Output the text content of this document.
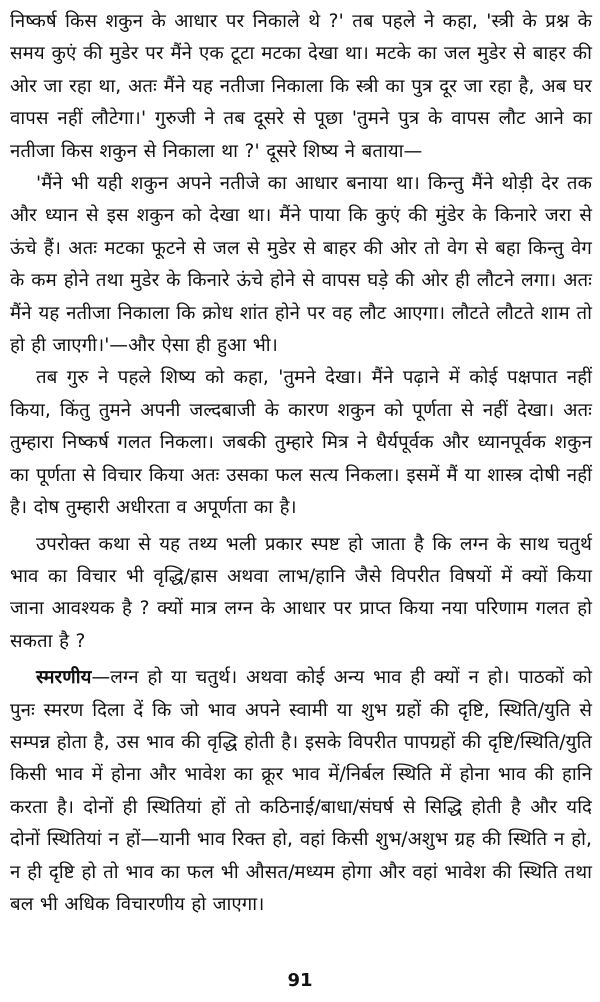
निष्कर्ष किस शकुन के आधार पर निकाले थे ?' तब पहले ने कहा, 'स्त्री के प्रश्न के समय कुएं की मुडेर पर मैंने एक टूटा मटका देखा था। मटके का जल मुडेर से बाहर की ओर जा रहा था, अतः मैंने यह नतीजा निकाला कि स्त्री का पुत्र दूर जा रहा है, अब घर वापस नहीं लौटेगा।' गुरुजी ने तब दूसरे से पूछा 'तुमने पुत्र के वापस लौट आने का नतीजा किस शकुन से निकाला था ?' दूसरे शिष्य ने बताया—

'मैंने भी यही शकुन अपने नतीजे का आधार बनाया था। किन्तु मैंने थोड़ी देर तक और ध्यान से इस शकुन को देखा था। मैंने पाया कि कुएं की मुंडेर के किनारे जरा से ऊंचे हैं। अतः मटका फूटने से जल से मुडेर से बाहर की ओर तो वेग से बहा किन्तु वेग के कम होने तथा मुडेर के किनारे ऊंचे होने से वापस घड़े की ओर ही लौटने लगा। अतः मैंने यह नतीजा निकाला कि क्रोध शांत होने पर वह लौट आएगा। लौटते लौटते शाम तो हो ही जाएगी।'—और ऐसा ही हुआ भी।

तब गुरु ने पहले शिष्य को कहा, 'तुमने देखा। मैंने पढ़ाने में कोई पक्षपात नहीं किया, किंतु तुमने अपनी जल्दबाजी के कारण शकुन को पूर्णता से नहीं देखा। अतः तुम्हारा निष्कर्ष गलत निकला। जबकी तुम्हारे मित्र ने धैर्यपूर्वक और ध्यानपूर्वक शकुन का पूर्णता से विचार किया अतः उसका फल सत्य निकला। इसमें मैं या शास्त्र दोषी नहीं है। दोष तुम्हारी अधीरता व अपूर्णता का है।

उपरोक्त कथा से यह तथ्य भली प्रकार स्पष्ट हो जाता है कि लग्न के साथ चतुर्थ भाव का विचार भी वृद्धि/ह्रास अथवा लाभ/हानि जैसे विपरीत विषयों में क्यों किया जाना आवश्यक है ? क्यों मात्र लग्न के आधार पर प्राप्त किया नया परिणाम गलत हो सकता है ?

स्मरणीय—लग्न हो या चतुर्थ। अथवा कोई अन्य भाव ही क्यों न हो। पाठकों को पुनः स्मरण दिला दें कि जो भाव अपने स्वामी या शुभ ग्रहों की दृष्टि, स्थिति/युति से सम्पन्न होता है, उस भाव की वृद्धि होती है। इसके विपरीत पापग्रहों की दृष्टि/स्थिति/युति किसी भाव में होना और भावेश का क्रूर भाव में/निर्बल स्थिति में होना भाव की हानि करता है। दोनों ही स्थितियां हों तो कठिनाई/बाधा/संघर्ष से सिद्धि होती है और यदि दोनों स्थितियां न हों—यानी भाव रिक्त हो, वहां किसी शुभ/अशुभ ग्रह की स्थिति न हो, न ही दृष्टि हो तो भाव का फल भी औसत/मध्यम होगा और वहां भावेश की स्थिति तथा बल भी अधिक विचारणीय हो जाएगा।

91
